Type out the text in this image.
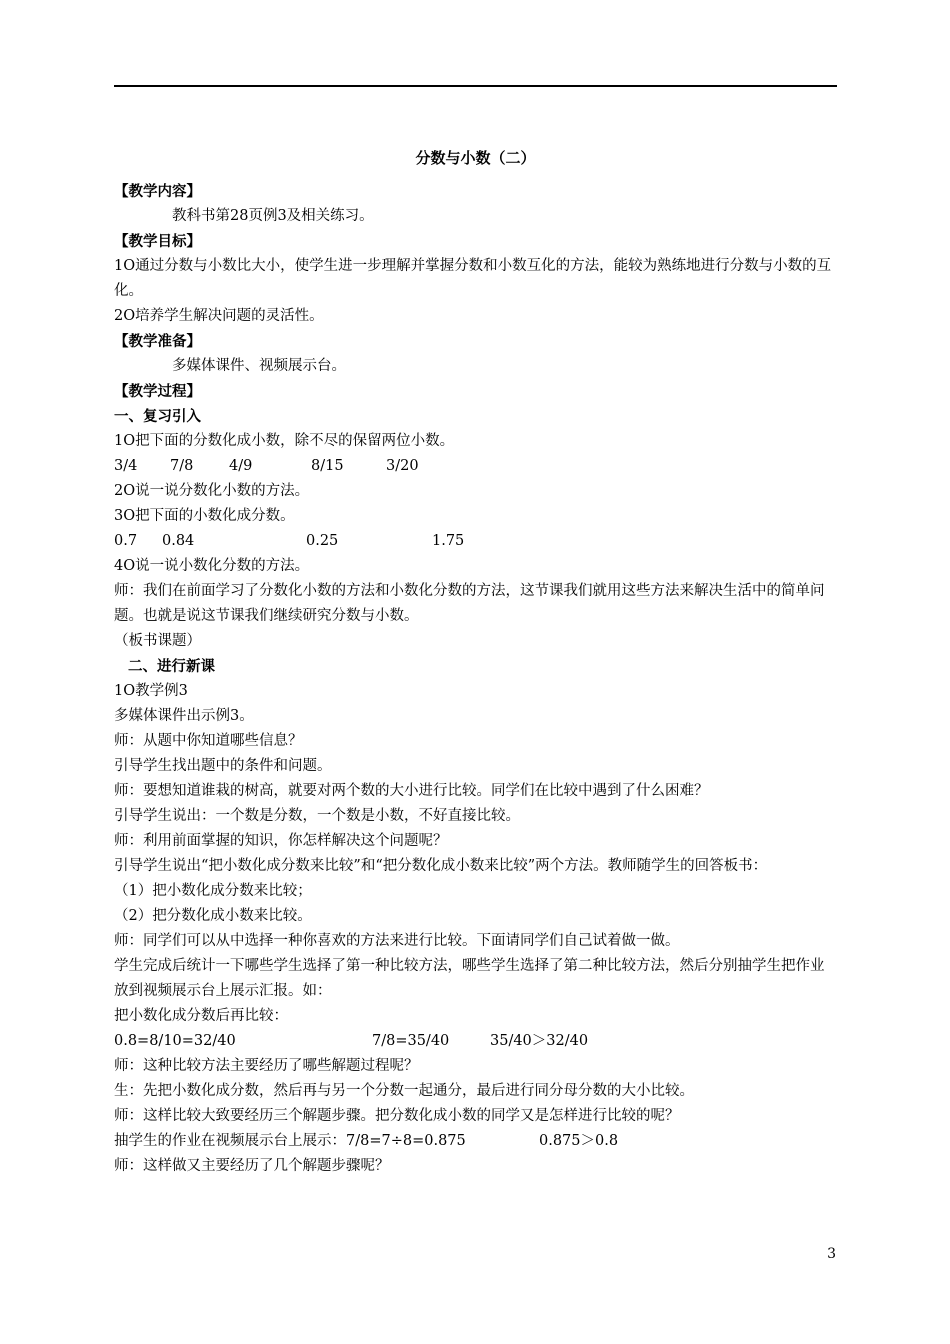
分数与小数（二）
【教学内容】
教科书第28页例3及相关练习。
【教学目标】
1O通过分数与小数比大小，使学生进一步理解并掌握分数和小数互化的方法，能较为熟练地进行分数与小数的互化。
2O培养学生解决问题的灵活性。
【教学准备】
多媒体课件、视频展示台。
【教学过程】
一、复习引入
1O把下面的分数化成小数，除不尽的保留两位小数。
3/4 7/8 4/9	8/15	3/20
2O说一说分数化小数的方法。
3O把下面的小数化成分数。
0.7 0.84	0.25	1.75
4O说一说小数化分数的方法。
师：我们在前面学习了分数化小数的方法和小数化分数的方法，这节课我们就用这些方法来解决生活中的简单问题。也就是说这节课我们继续研究分数与小数。
（板书课题）
二、进行新课
1O教学例3
多媒体课件出示例3。
师：从题中你知道哪些信息？
引导学生找出题中的条件和问题。
师：要想知道谁栽的树高，就要对两个数的大小进行比较。同学们在比较中遇到了什么困难？
引导学生说出：一个数是分数，一个数是小数，不好直接比较。
师：利用前面掌握的知识，你怎样解决这个问题呢？
引导学生说出“把小数化成分数来比较”和“把分数化成小数来比较”两个方法。教师随学生的回答板书：
（1）把小数化成分数来比较；
（2）把分数化成小数来比较。
师：同学们可以从中选择一种你喜欢的方法来进行比较。下面请同学们自己试着做一做。
学生完成后统计一下哪些学生选择了第一种比较方法，哪些学生选择了第二种比较方法，然后分别抽学生把作业放到视频展示台上展示汇报。如：
把小数化成分数后再比较：
0.8=8/10=32/40	7/8=35/40	35/40＞32/40
师：这种比较方法主要经历了哪些解题过程呢？
生：先把小数化成分数，然后再与另一个分数一起通分，最后进行同分母分数的大小比较。
师：这样比较大致要经历三个解题步骤。把分数化成小数的同学又是怎样进行比较的呢？
抽学生的作业在视频展示台上展示：7/8=7÷8=0.875	0.875＞0.8
师：这样做又主要经历了几个解题步骤呢？
3
